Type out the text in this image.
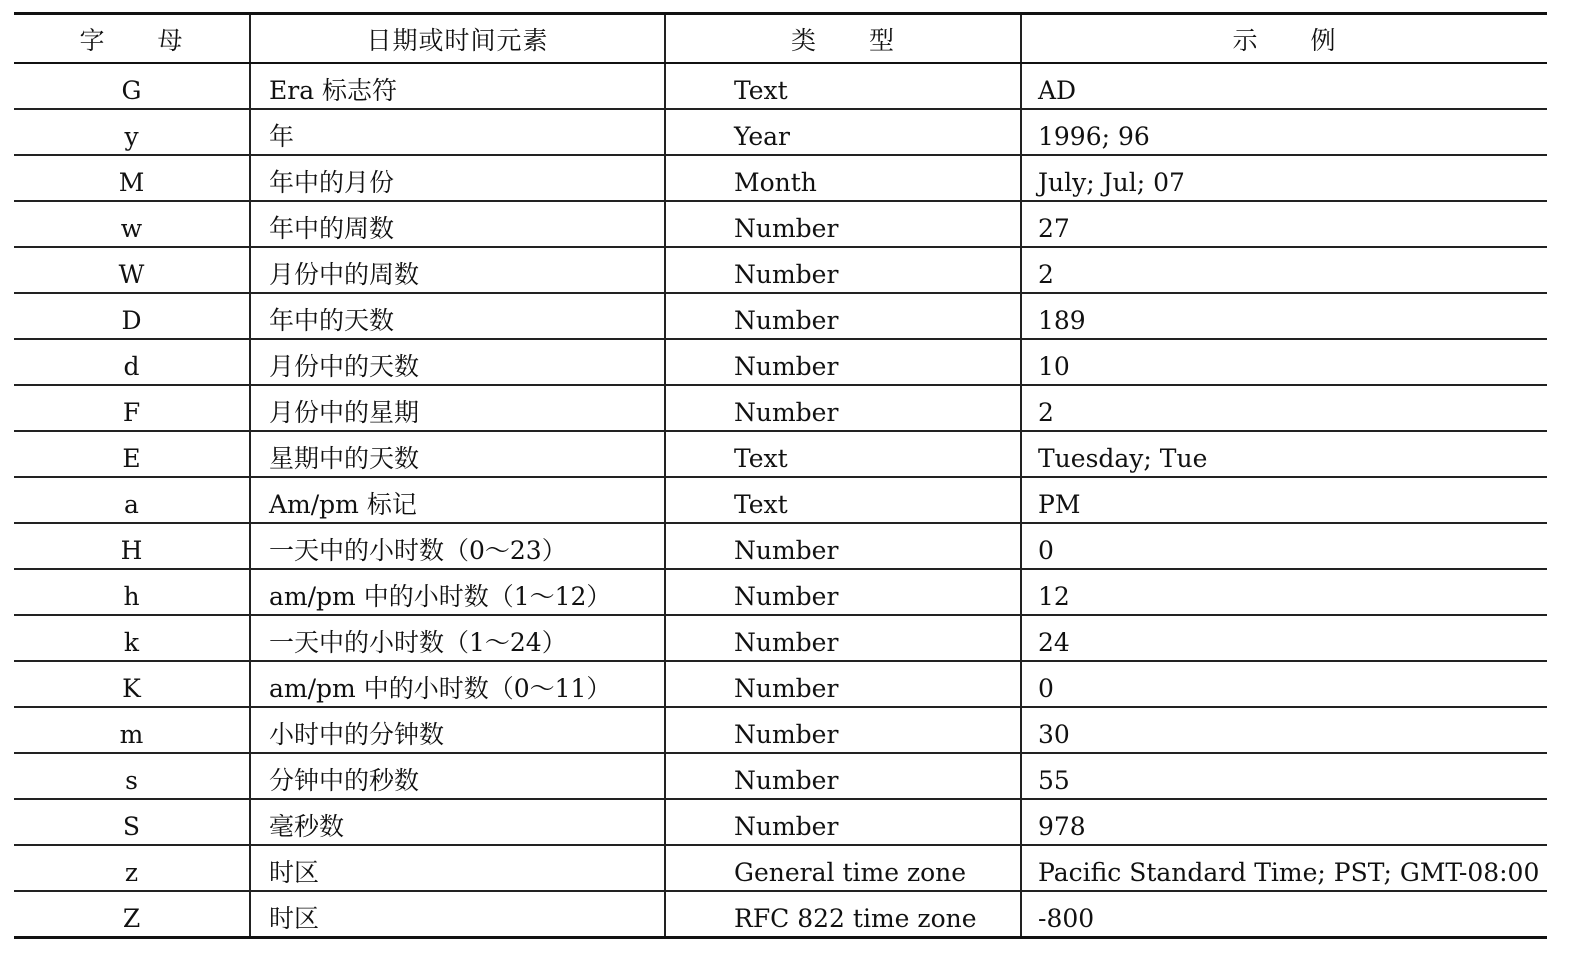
字　　母	日期或时间元素	类　　型	示　　例
G	Era 标志符	Text	AD
y	年	Year	1996; 96
M	年中的月份	Month	July; Jul; 07
w	年中的周数	Number	27
W	月份中的周数	Number	2
D	年中的天数	Number	189
d	月份中的天数	Number	10
F	月份中的星期	Number	2
E	星期中的天数	Text	Tuesday; Tue
a	Am/pm 标记	Text	PM
H	一天中的小时数（0～23）	Number	0
h	am/pm 中的小时数（1～12）	Number	12
k	一天中的小时数（1～24）	Number	24
K	am/pm 中的小时数（0～11）	Number	0
m	小时中的分钟数	Number	30
s	分钟中的秒数	Number	55
S	毫秒数	Number	978
z	时区	General time zone	Pacific Standard Time; PST; GMT-08:00
Z	时区	RFC 822 time zone	-800
